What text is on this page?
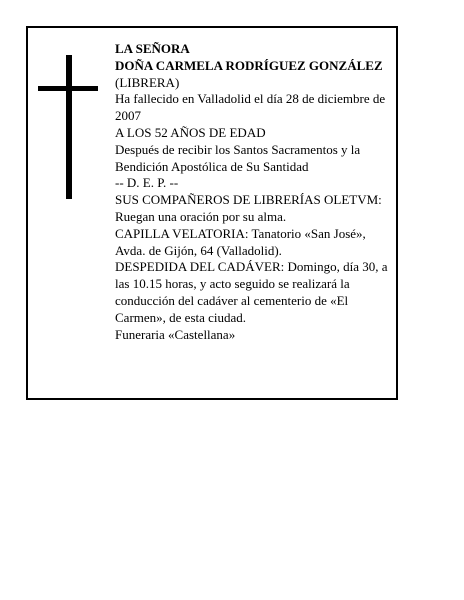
LA SEÑORA
DOÑA CARMELA RODRÍGUEZ GONZÁLEZ
(LIBRERA)
Ha fallecido en Valladolid el día 28 de diciembre de 2007
A LOS 52 AÑOS DE EDAD
Después de recibir los Santos Sacramentos y la Bendición Apostólica de Su Santidad
-- D. E. P. --
SUS COMPAÑEROS DE LIBRERÍAS OLETVM:
Ruegan una oración por su alma.
CAPILLA VELATORIA: Tanatorio «San José», Avda. de Gijón, 64 (Valladolid).
DESPEDIDA DEL CADÁVER: Domingo, día 30, a las 10.15 horas, y acto seguido se realizará la conducción del cadáver al cementerio de «El Carmen», de esta ciudad.
Funeraria «Castellana»
